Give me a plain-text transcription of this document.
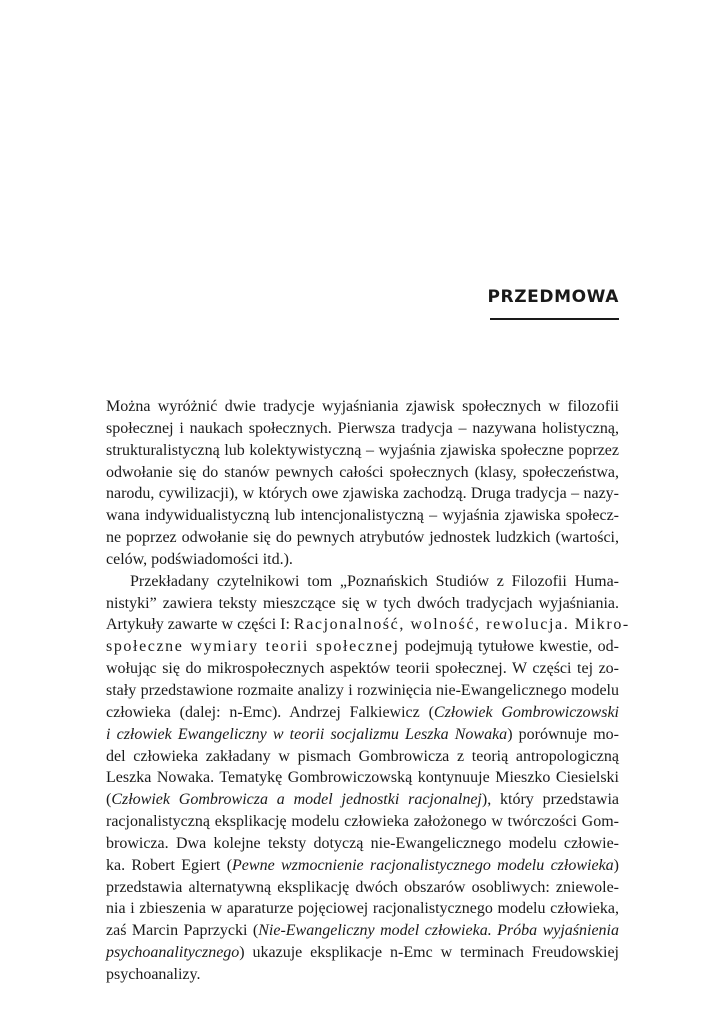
PRZEDMOWA
Można wyróżnić dwie tradycje wyjaśniania zjawisk społecznych w filozofii
społecznej i naukach społecznych. Pierwsza tradycja – nazywana holistyczną,
strukturalistyczną lub kolektywistyczną – wyjaśnia zjawiska społeczne poprzez
odwołanie się do stanów pewnych całości społecznych (klasy, społeczeństwa,
narodu, cywilizacji), w których owe zjawiska zachodzą. Druga tradycja – nazy-
wana indywidualistyczną lub intencjonalistyczną – wyjaśnia zjawiska społecz-
ne poprzez odwołanie się do pewnych atrybutów jednostek ludzkich (wartości,
celów, podświadomości itd.).
Przekładany czytelnikowi tom „Poznańskich Studiów z Filozofii Huma-
nistyki” zawiera teksty mieszczące się w tych dwóch tradycjach wyjaśniania.
Artykuły zawarte w części I: Racjonalność, wolność, rewolucja. Mikro-
społeczne wymiary teorii społecznej podejmują tytułowe kwestie, od-
wołując się do mikrospołecznych aspektów teorii społecznej. W części tej zo-
stały przedstawione rozmaite analizy i rozwinięcia nie-Ewangelicznego modelu
człowieka (dalej: n-Emc). Andrzej Falkiewicz (Człowiek Gombrowiczowski
i człowiek Ewangeliczny w teorii socjalizmu Leszka Nowaka) porównuje mo-
del człowieka zakładany w pismach Gombrowicza z teorią antropologiczną
Leszka Nowaka. Tematykę Gombrowiczowską kontynuuje Mieszko Ciesielski
(Człowiek Gombrowicza a model jednostki racjonalnej), który przedstawia
racjonalistyczną eksplikację modelu człowieka założonego w twórczości Gom-
browicza. Dwa kolejne teksty dotyczą nie-Ewangelicznego modelu człowie-
ka. Robert Egiert (Pewne wzmocnienie racjonalistycznego modelu człowieka)
przedstawia alternatywną eksplikację dwóch obszarów osobliwych: zniewole-
nia i zbieszenia w aparaturze pojęciowej racjonalistycznego modelu człowieka,
zaś Marcin Paprzycki (Nie-Ewangeliczny model człowieka. Próba wyjaśnienia
psychoanalitycznego) ukazuje eksplikacje n-Emc w terminach Freudowskiej
psychoanalizy.
